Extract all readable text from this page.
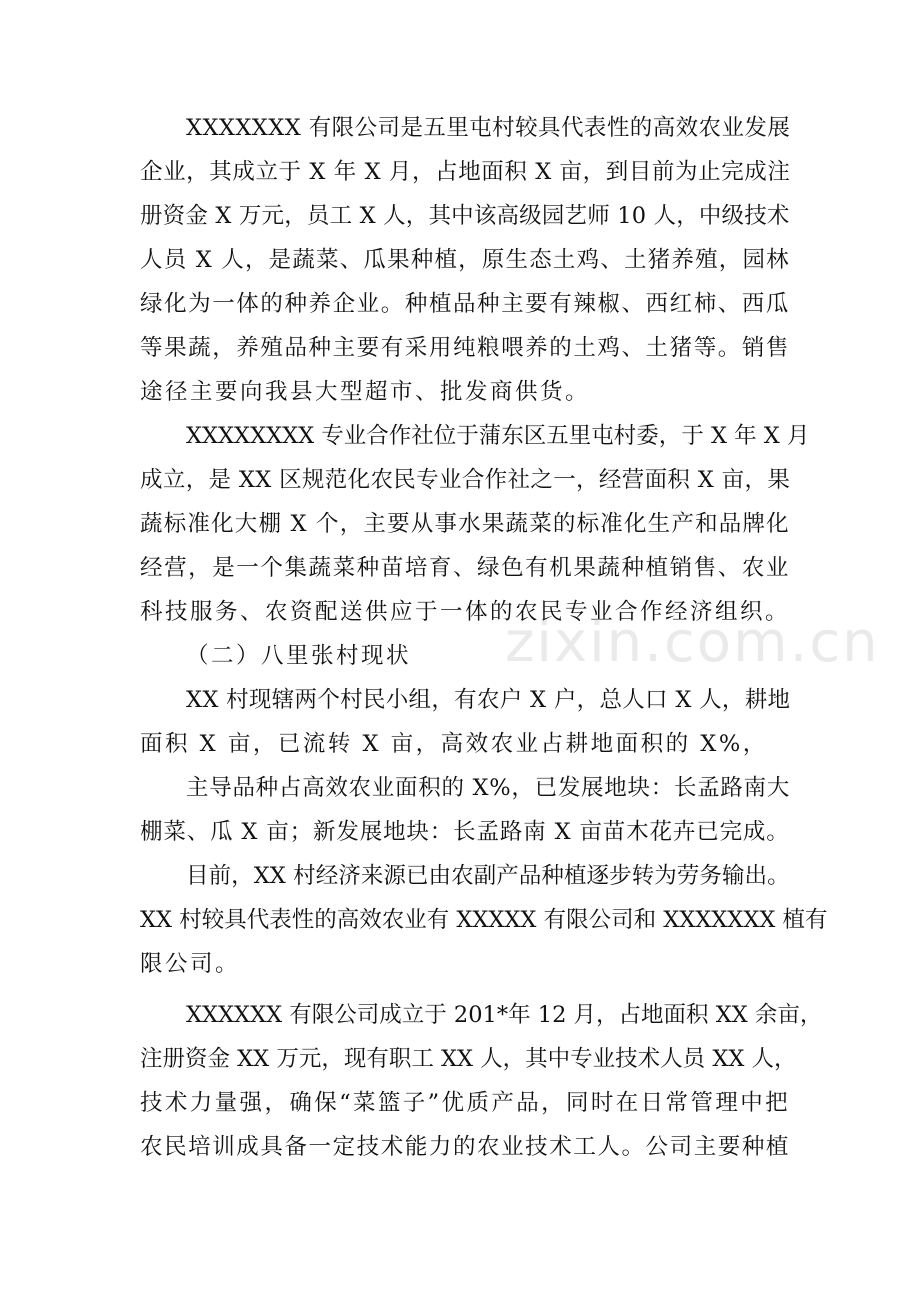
XXXXXXX 有限公司是五里屯村较具代表性的高效农业发展
企业，其成立于 X 年 X 月，占地面积 X 亩，到目前为止完成注
册资金 X 万元，员工 X 人，其中该高级园艺师 10 人，中级技术
人员 X 人，是蔬菜、瓜果种植，原生态土鸡、土猪养殖，园林
绿化为一体的种养企业。种植品种主要有辣椒、西红柿、西瓜
等果蔬，养殖品种主要有采用纯粮喂养的土鸡、土猪等。销售
途径主要向我县大型超市、批发商供货。
XXXXXXXX 专业合作社位于蒲东区五里屯村委，于 X 年 X 月
成立，是 XX 区规范化农民专业合作社之一，经营面积 X 亩，果
蔬标准化大棚 X 个，主要从事水果蔬菜的标准化生产和品牌化
经营，是一个集蔬菜种苗培育、绿色有机果蔬种植销售、农业
科技服务、农资配送供应于一体的农民专业合作经济组织。
（二）八里张村现状
XX 村现辖两个村民小组，有农户 X 户，总人口 X 人，耕地
面积 X 亩，已流转 X 亩，高效农业占耕地面积的 X%，
主导品种占高效农业面积的 X%，已发展地块：长孟路南大
棚菜、瓜 X 亩；新发展地块：长孟路南 X 亩苗木花卉已完成。
目前，XX 村经济来源已由农副产品种植逐步转为劳务输出。
XX 村较具代表性的高效农业有 XXXXX 有限公司和 XXXXXXX 植有
限公司。
XXXXXX 有限公司成立于 201*年 12 月，占地面积 XX 余亩，
注册资金 XX 万元，现有职工 XX 人，其中专业技术人员 XX 人，
技术力量强，确保“菜篮子”优质产品，同时在日常管理中把
农民培训成具备一定技术能力的农业技术工人。公司主要种植
zixin.com.cn
